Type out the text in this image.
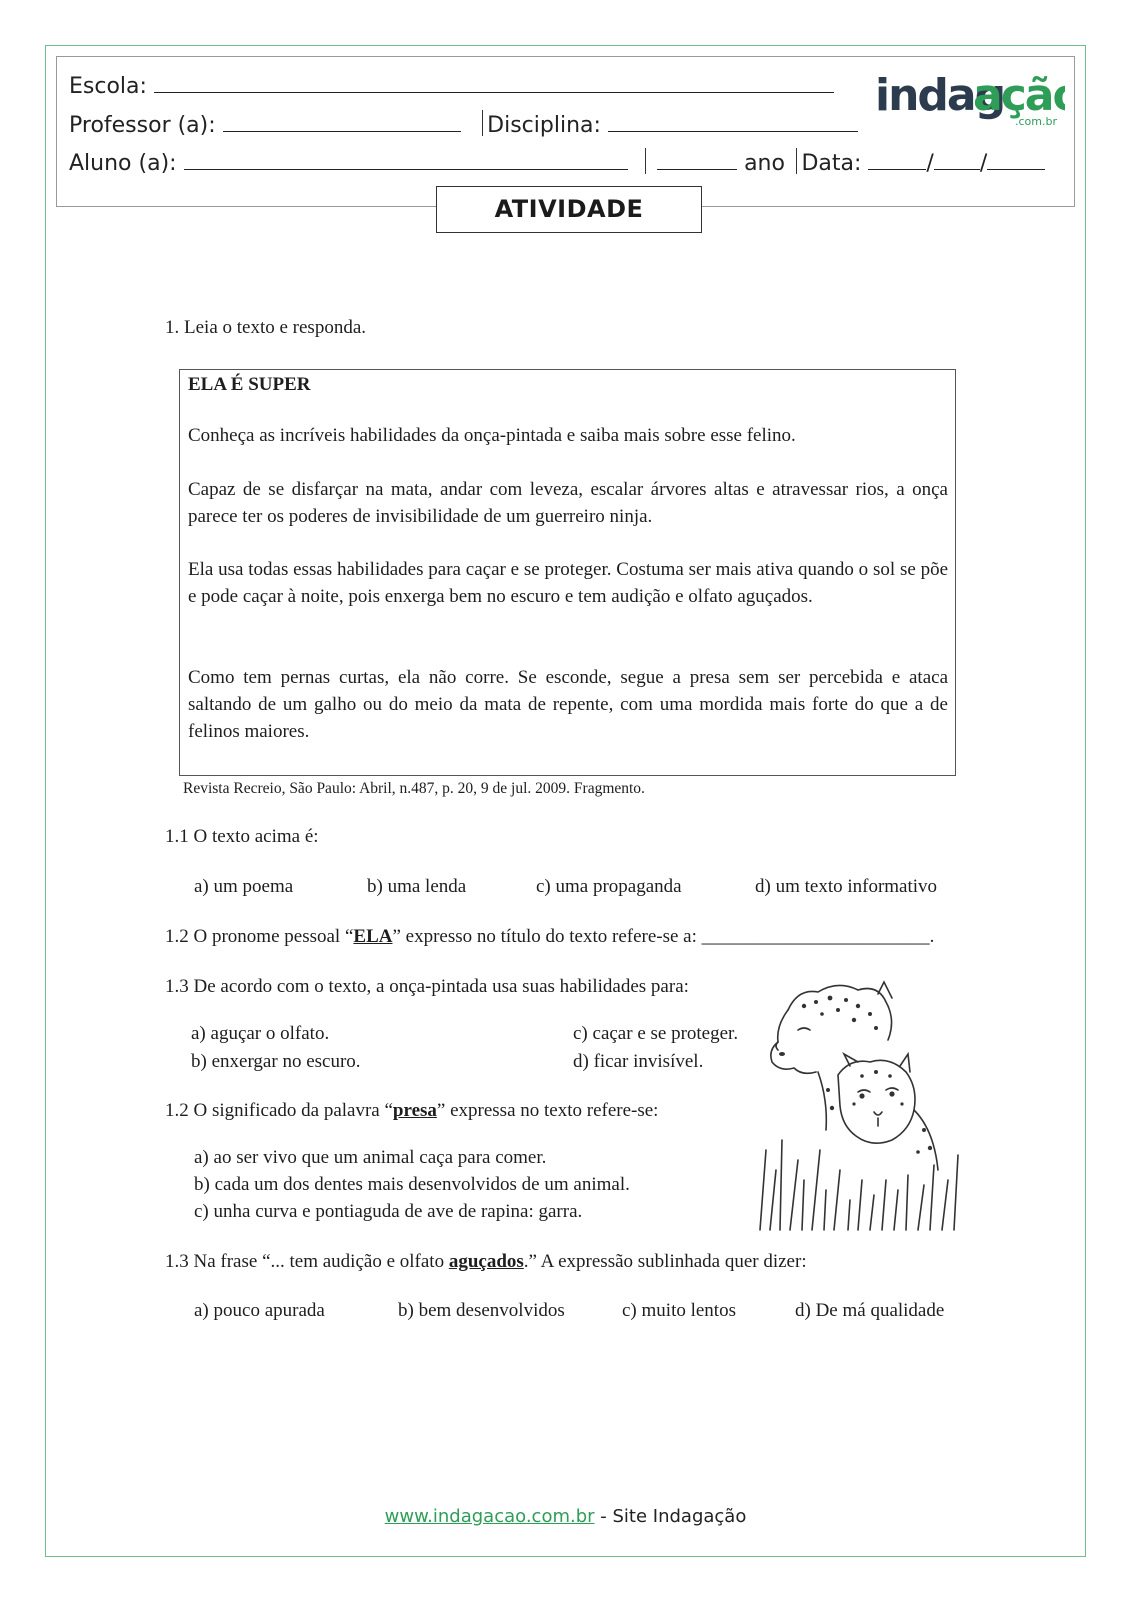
Escola:
Professor (a):	Disciplina:
Aluno (a):	ano Data:	/ /
indag
açã
.com.br
ATIVIDADE
1. Leia o texto e responda.
ELA É SUPER
Conheça as incríveis habilidades da onça-pintada e saiba mais sobre esse felino.
Capaz de se disfarçar na mata, andar com leveza, escalar árvores altas e atravessar rios, a onça parece ter os poderes de invisibilidade de um guerreiro ninja.
Ela usa todas essas habilidades para caçar e se proteger. Costuma ser mais ativa quando o sol se põe e pode caçar à noite, pois enxerga bem no escuro e tem audição e olfato aguçados.
Como tem pernas curtas, ela não corre. Se esconde, segue a presa sem ser percebida e ataca saltando de um galho ou do meio da mata de repente, com uma mordida mais forte do que a de felinos maiores.
Revista Recreio, São Paulo: Abril, n.487, p. 20, 9 de jul. 2009. Fragmento.
1.1 O texto acima é:
a) um poema	b) uma lenda	c) uma propaganda	d) um texto informativo
1.2 O pronome pessoal “ELA” expresso no título do texto refere-se a: ________________________.
1.3 De acordo com o texto, a onça-pintada usa suas habilidades para:
a) aguçar o olfato.	c) caçar e se proteger.
b) enxergar no escuro.	d) ficar invisível.
1.2 O significado da palavra “presa” expressa no texto refere-se:
a) ao ser vivo que um animal caça para comer.
b) cada um dos dentes mais desenvolvidos de um animal.
c) unha curva e pontiaguda de ave de rapina: garra.
1.3 Na frase “... tem audição e olfato aguçados.” A expressão sublinhada quer dizer:
a) pouco apurada	b) bem desenvolvidos	c) muito lentos	d) De má qualidade
www.indagacao.com.br - Site Indagação
